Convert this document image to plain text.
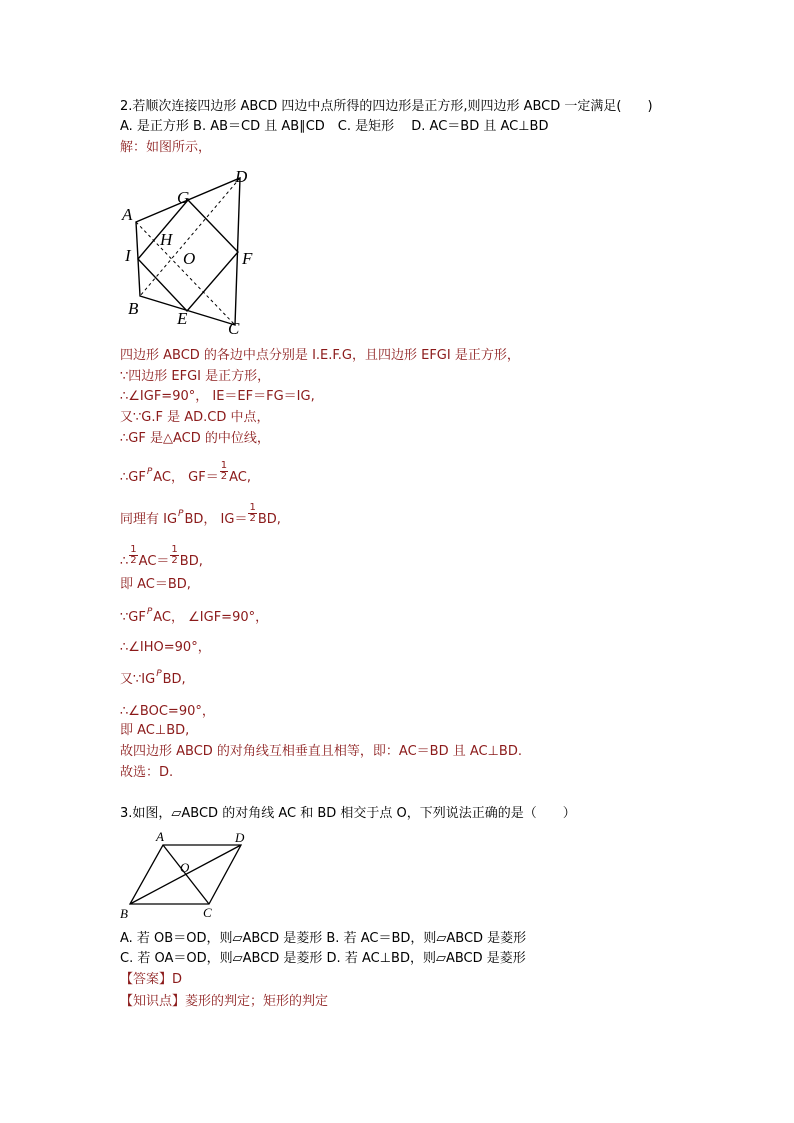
2.若顺次连接四边形 ABCD 四边中点所得的四边形是正方形,则四边形 ABCD 一定满足(　　)
A. 是正方形 B. AB＝CD 且 AB∥CD　C. 是矩形　 D. AC＝BD 且 AC⊥BD
解：如图所示，
A
D
G
H
I	O	F
B
E
C
四边形 ABCD 的各边中点分别是 I.E.F.G，且四边形 EFGI 是正方形，
∵四边形 EFGI 是正方形，
∴∠IGF=90°， IE＝EF＝FG＝IG,
又∵G.F 是 AD.CD 中点，
∴GF 是△ACD 的中位线，
$\therefore GF^PAC$， $GF= \frac{1}{2}$ AC,
同理有 $IG^PBD$， $IG= \frac{1}{2}$ BD,
∴ $\frac{1}{2} AC= \frac{1}{2}$ BD,
即 AC＝BD,
$\because GF^PAC$， ∠IGF=90°，
∴∠IHO=90°，
又$\because IG^PBD$,
∴∠BOC=90°，
即 AC⊥BD,
故四边形 ABCD 的对角线互相垂直且相等，即：AC＝BD 且 AC⊥BD.
故选：D.
3.如图，▱ABCD 的对角线 AC 和 BD 相交于点 O，下列说法正确的是（　　）
A	D
O
B	C
A. 若 OB＝OD，则▱ABCD 是菱形 B. 若 AC＝BD，则▱ABCD 是菱形
C. 若 OA＝OD，则▱ABCD 是菱形 D. 若 AC⊥BD，则▱ABCD 是菱形
【答案】D
【知识点】菱形的判定；矩形的判定
